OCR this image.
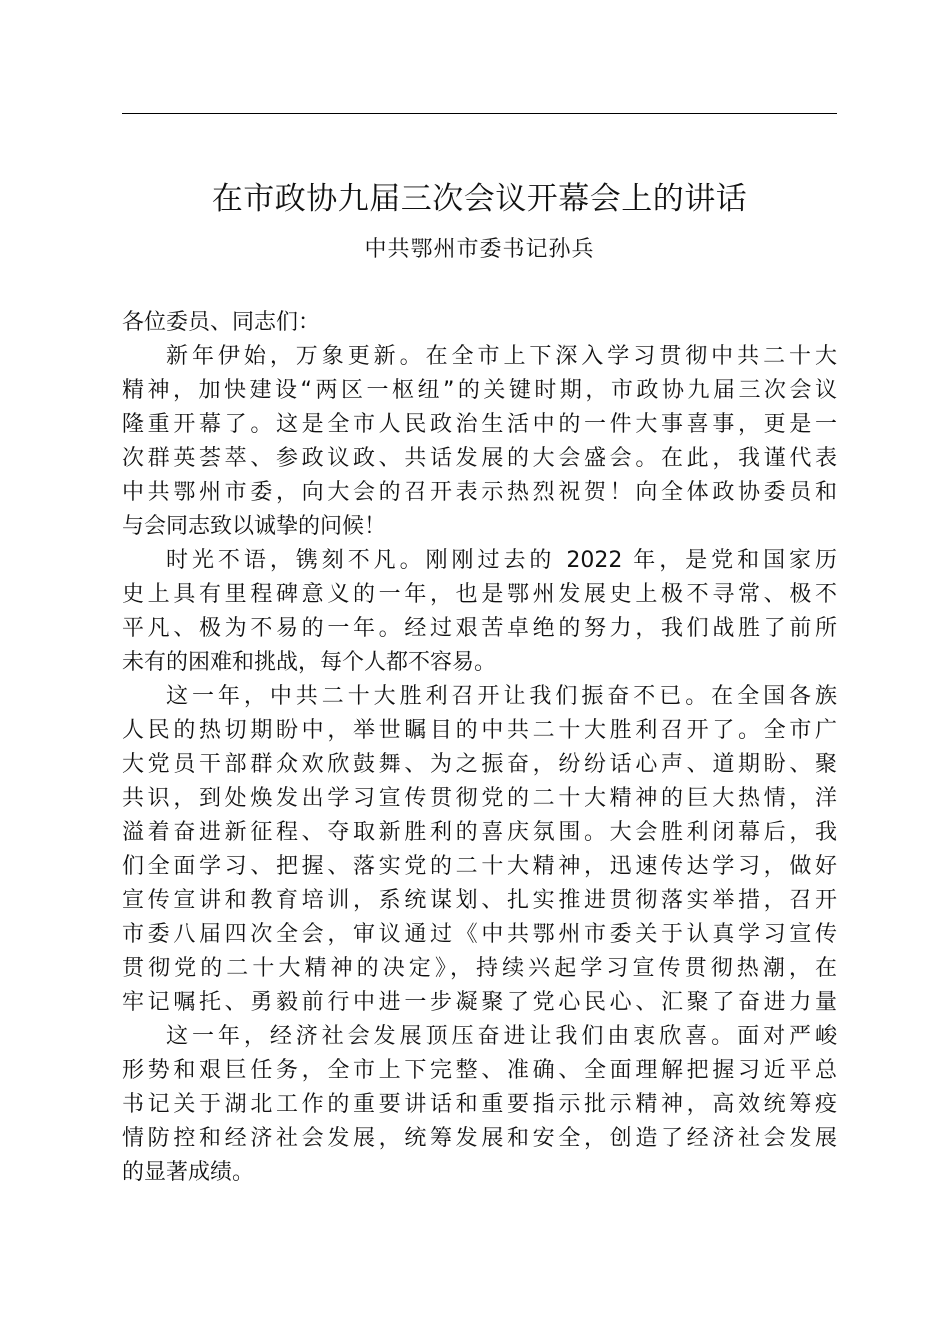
在市政协九届三次会议开幕会上的讲话
中共鄂州市委书记孙兵

各位委员、同志们：

新年伊始，万象更新。在全市上下深入学习贯彻中共二十大
精神，加快建设“两区一枢纽”的关键时期，市政协九届三次会议
隆重开幕了。这是全市人民政治生活中的一件大事喜事，更是一
次群英荟萃、参政议政、共话发展的大会盛会。在此，我谨代表
中共鄂州市委，向大会的召开表示热烈祝贺！向全体政协委员和
与会同志致以诚挚的问候！

时光不语，镌刻不凡。刚刚过去的 2022 年，是党和国家历
史上具有里程碑意义的一年，也是鄂州发展史上极不寻常、极不
平凡、极为不易的一年。经过艰苦卓绝的努力，我们战胜了前所
未有的困难和挑战，每个人都不容易。

这一年，中共二十大胜利召开让我们振奋不已。在全国各族
人民的热切期盼中，举世瞩目的中共二十大胜利召开了。全市广
大党员干部群众欢欣鼓舞、为之振奋，纷纷话心声、道期盼、聚
共识，到处焕发出学习宣传贯彻党的二十大精神的巨大热情，洋
溢着奋进新征程、夺取新胜利的喜庆氛围。大会胜利闭幕后，我
们全面学习、把握、落实党的二十大精神，迅速传达学习，做好
宣传宣讲和教育培训，系统谋划、扎实推进贯彻落实举措，召开
市委八届四次全会，审议通过《中共鄂州市委关于认真学习宣传
贯彻党的二十大精神的决定》，持续兴起学习宣传贯彻热潮，在
牢记嘱托、勇毅前行中进一步凝聚了党心民心、汇聚了奋进力量

这一年，经济社会发展顶压奋进让我们由衷欣喜。面对严峻
形势和艰巨任务，全市上下完整、准确、全面理解把握习近平总
书记关于湖北工作的重要讲话和重要指示批示精神，高效统筹疫
情防控和经济社会发展，统筹发展和安全，创造了经济社会发展
的显著成绩。
